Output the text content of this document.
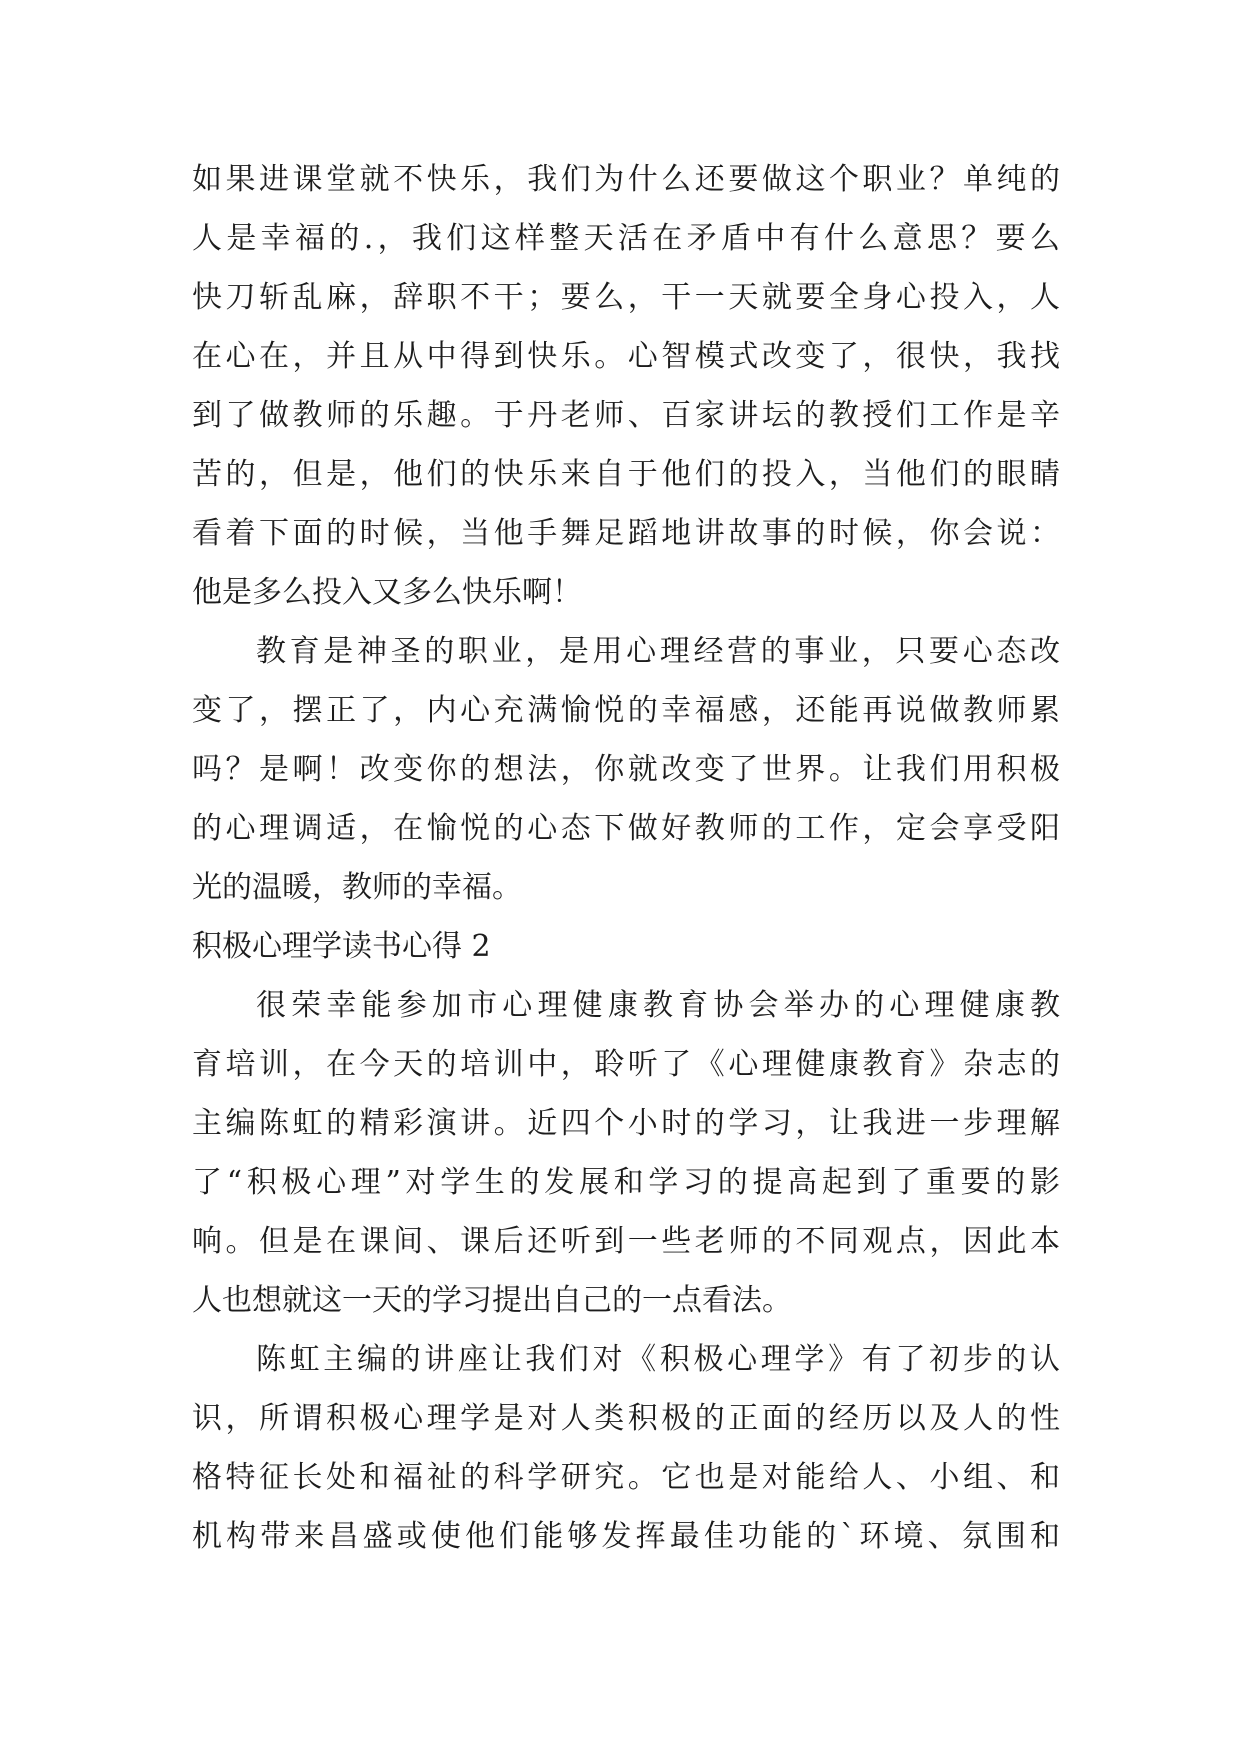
如果进课堂就不快乐，我们为什么还要做这个职业？单纯的
人是幸福的.，我们这样整天活在矛盾中有什么意思？要么
快刀斩乱麻，辞职不干；要么，干一天就要全身心投入，人
在心在，并且从中得到快乐。心智模式改变了，很快，我找
到了做教师的乐趣。于丹老师、百家讲坛的教授们工作是辛
苦的，但是，他们的快乐来自于他们的投入，当他们的眼睛
看着下面的时候，当他手舞足蹈地讲故事的时候，你会说：
他是多么投入又多么快乐啊！
教育是神圣的职业，是用心理经营的事业，只要心态改
变了，摆正了，内心充满愉悦的幸福感，还能再说做教师累
吗？是啊！改变你的想法，你就改变了世界。让我们用积极
的心理调适，在愉悦的心态下做好教师的工作，定会享受阳
光的温暖，教师的幸福。
积极心理学读书心得 2
很荣幸能参加市心理健康教育协会举办的心理健康教
育培训，在今天的培训中，聆听了《心理健康教育》杂志的
主编陈虹的精彩演讲。近四个小时的学习，让我进一步理解
了“积极心理”对学生的发展和学习的提高起到了重要的影
响。但是在课间、课后还听到一些老师的不同观点，因此本
人也想就这一天的学习提出自己的一点看法。
陈虹主编的讲座让我们对《积极心理学》有了初步的认
识，所谓积极心理学是对人类积极的正面的经历以及人的性
格特征长处和福祉的科学研究。它也是对能给人、小组、和
机构带来昌盛或使他们能够发挥最佳功能的`环境、氛围和
